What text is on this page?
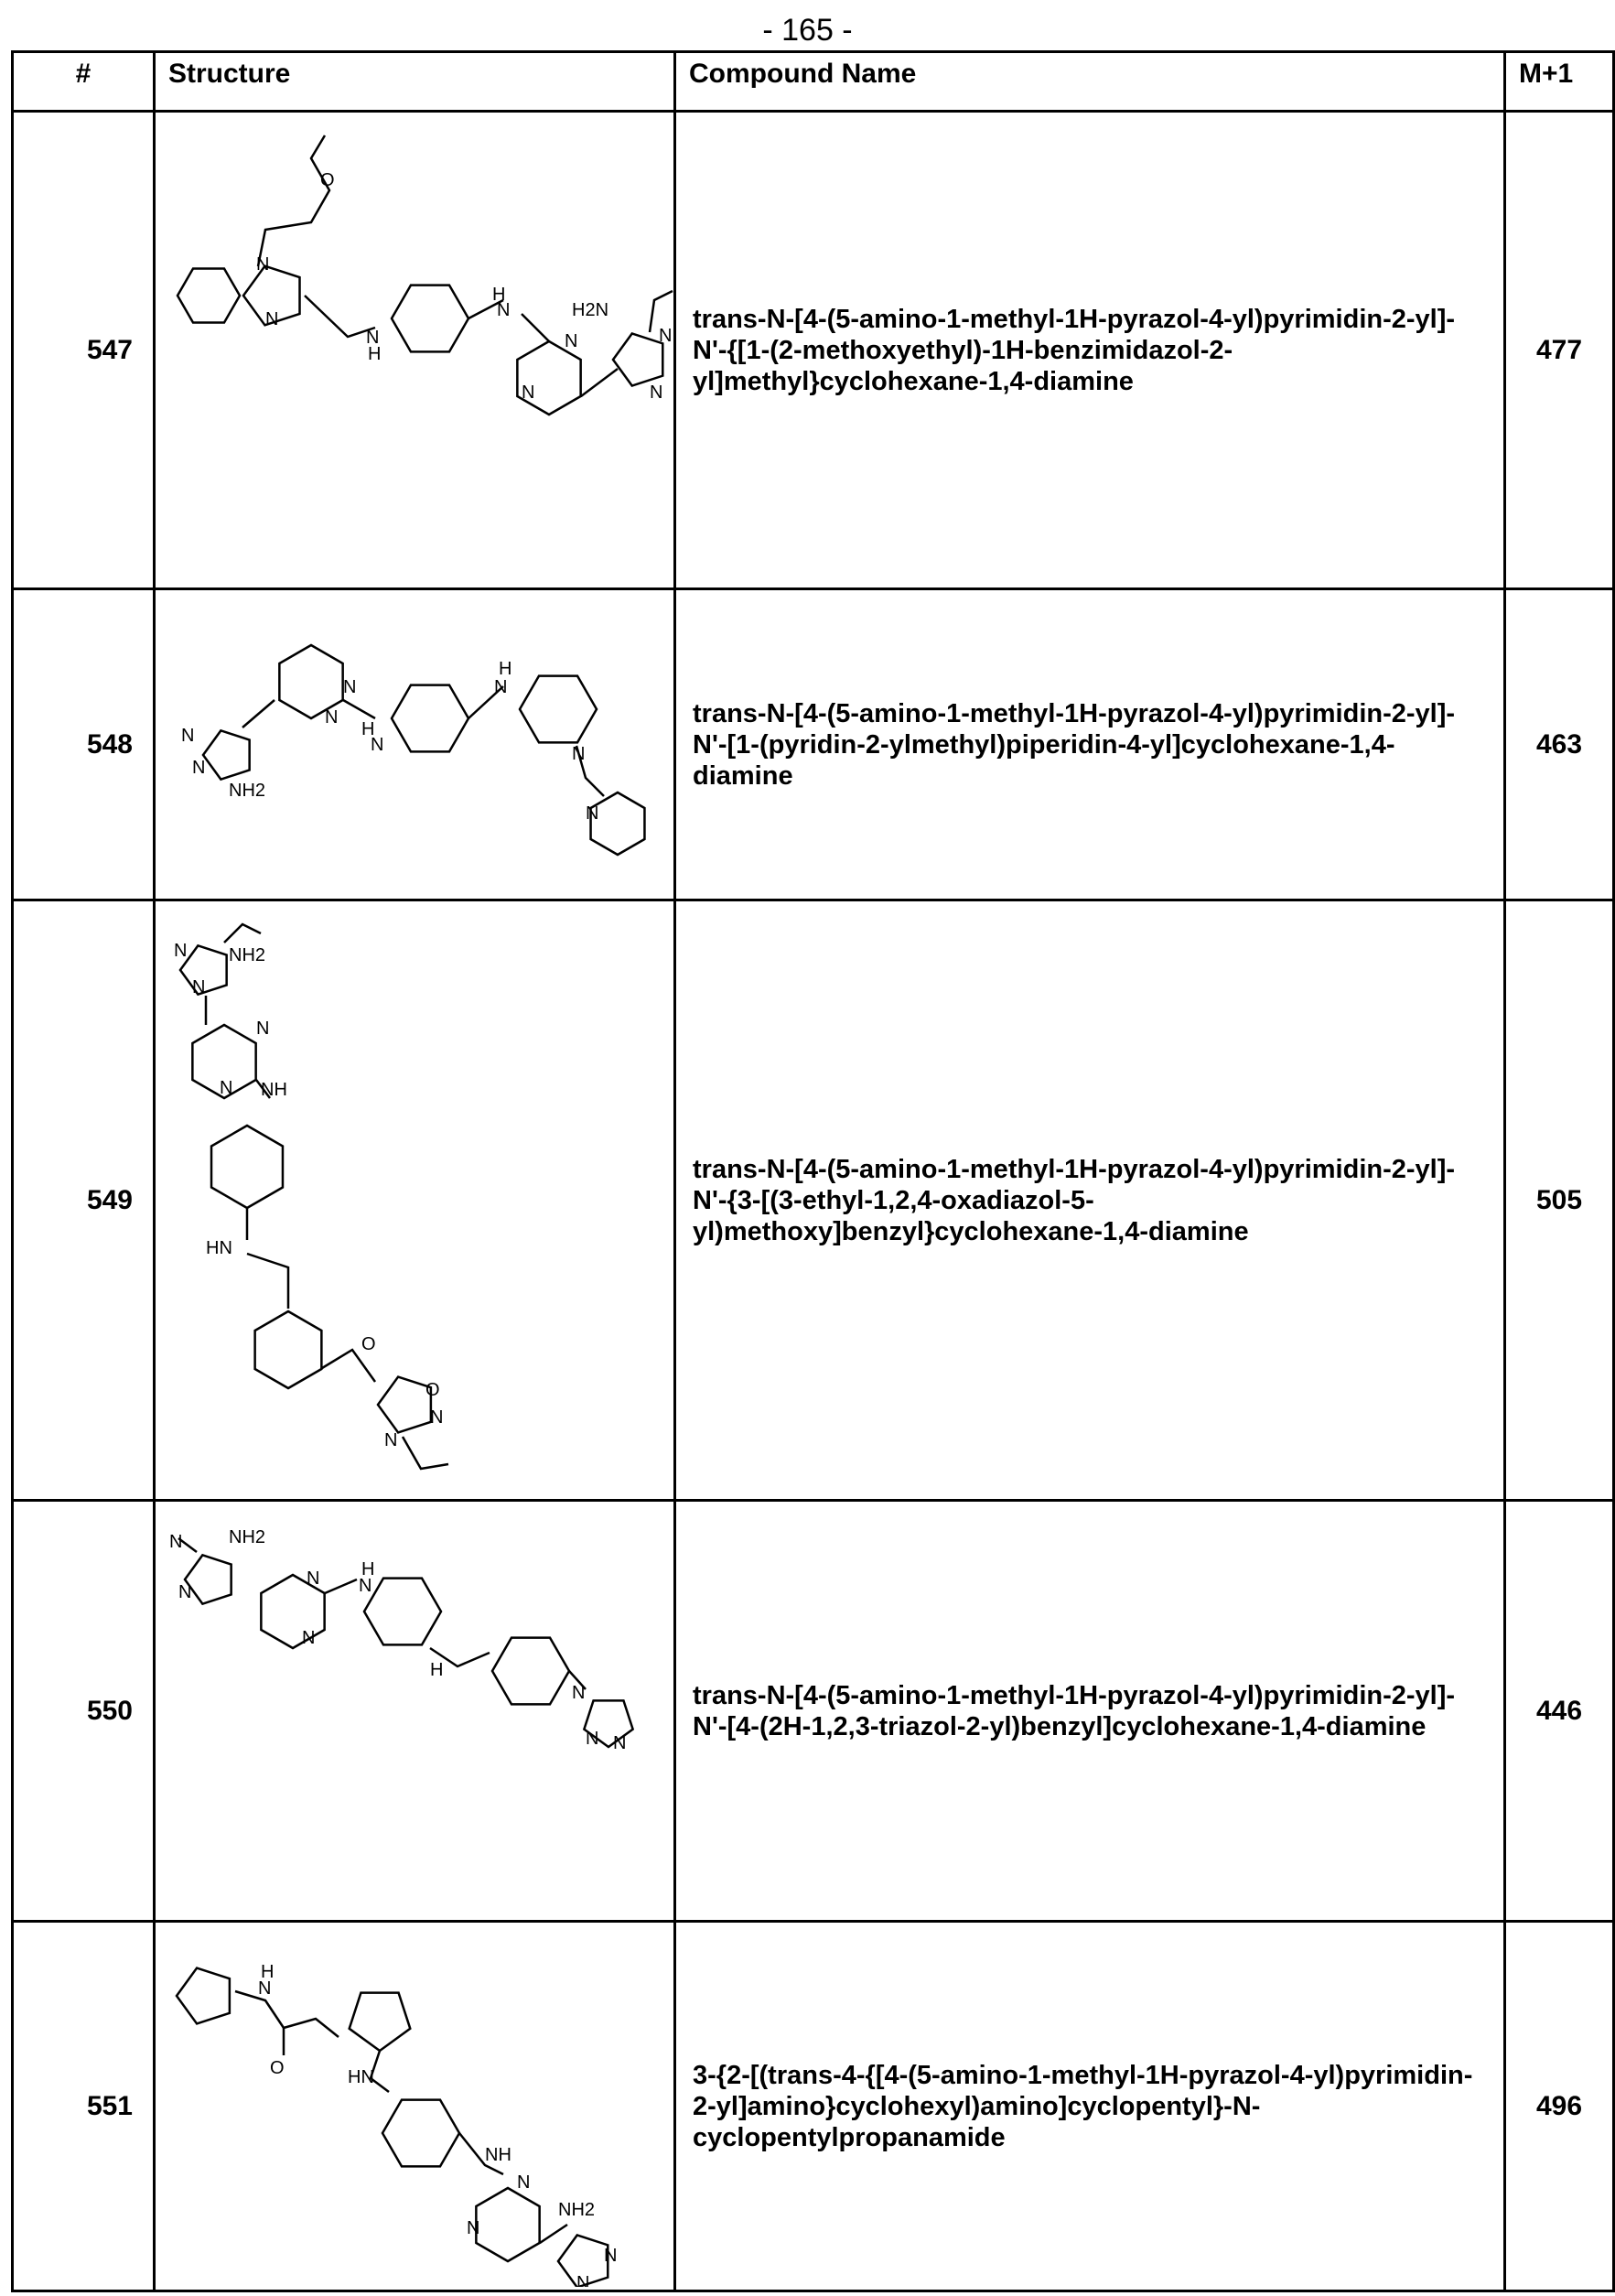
- 165 -
#	Structure	Compound Name	M+1
547	
N
N
O
H
N
N
H
N
N
H2N
N
N
	trans-N-[4-(5-amino-1-methyl-1H-pyrazol-4-yl)pyrimidin-2-yl]-N'-{[1-(2-methoxyethyl)-1H-benzimidazol-2-yl]methyl}cyclohexane-1,4-diamine	477
548	N
N
NH2
N
N
H
N
H
N
N
N
	trans-N-[4-(5-amino-1-methyl-1H-pyrazol-4-yl)pyrimidin-2-yl]-N'-[1-(pyridin-2-ylmethyl)piperidin-4-yl]cyclohexane-1,4-diamine	463
549	
N
N
NH2
N
N NH
HN
O
O
N
N
	trans-N-[4-(5-amino-1-methyl-1H-pyrazol-4-yl)pyrimidin-2-yl]-N'-{3-[(3-ethyl-1,2,4-oxadiazol-5-yl)methoxy]benzyl}cyclohexane-1,4-diamine	505
550	
N	NH2
N
N
N
H
N
H
N
N
N
	trans-N-[4-(5-amino-1-methyl-1H-pyrazol-4-yl)pyrimidin-2-yl]-N'-[4-(2H-1,2,3-triazol-2-yl)benzyl]cyclohexane-1,4-diamine	446
551	
H
N
O	HN
NH
N
N
NH2
N
N
	3-{2-[(trans-4-{[4-(5-amino-1-methyl-1H-pyrazol-4-yl)pyrimidin-2-yl]amino}cyclohexyl)amino]cyclopentyl}-N-cyclopentylpropanamide	496
